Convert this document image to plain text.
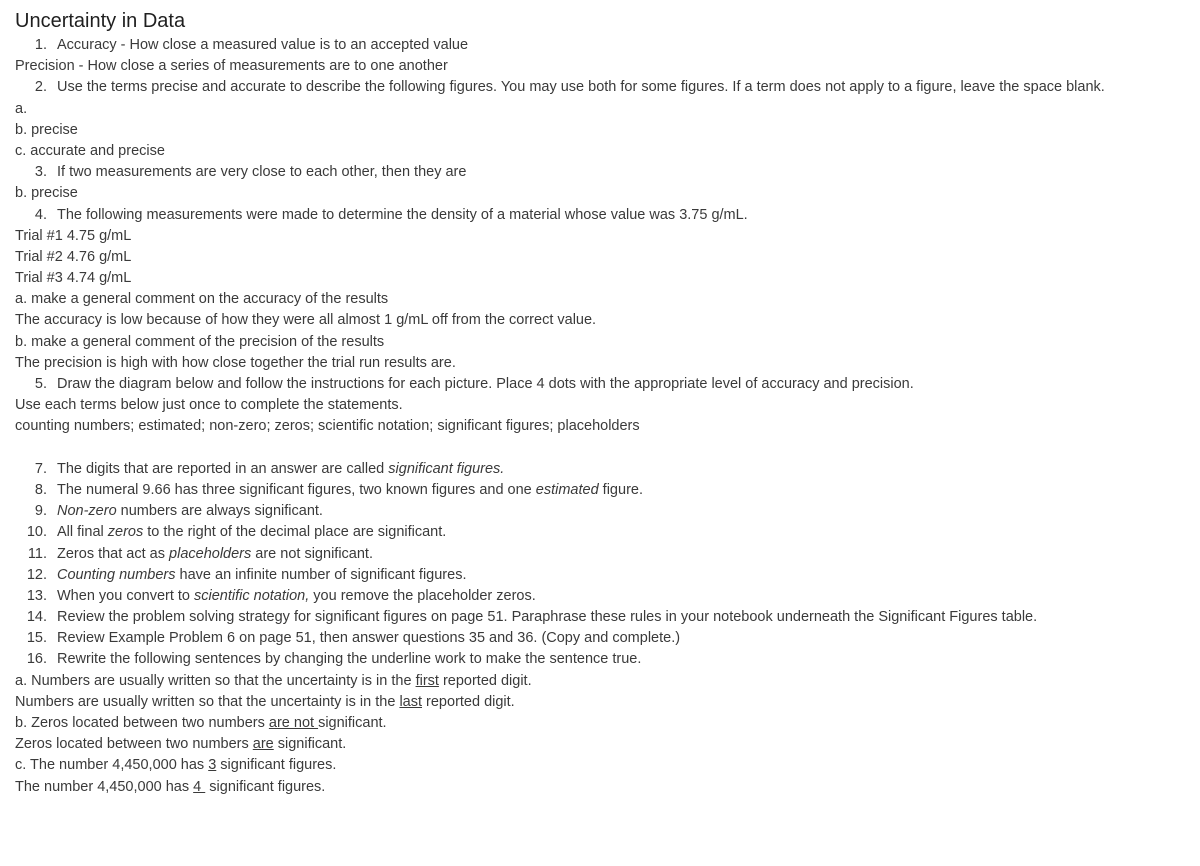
Uncertainty in Data
1. Accuracy - How close a measured value is to an accepted value
Precision - How close a series of measurements are to one another
2. Use the terms precise and accurate to describe the following figures. You may use both for some figures. If a term does not apply to a figure, leave the space blank.
a.
b. precise
c. accurate and precise
3. If two measurements are very close to each other, then they are
b. precise
4. The following measurements were made to determine the density of a material whose value was 3.75 g/mL.
Trial #1 4.75 g/mL
Trial #2 4.76 g/mL
Trial #3 4.74 g/mL
a. make a general comment on the accuracy of the results
The accuracy is low because of how they were all almost 1 g/mL off from the correct value.
b. make a general comment of the precision of the results
The precision is high with how close together the trial run results are.
5. Draw the diagram below and follow the instructions for each picture. Place 4 dots with the appropriate level of accuracy and precision.
Use each terms below just once to complete the statements.
counting numbers; estimated; non-zero; zeros; scientific notation; significant figures; placeholders
7. The digits that are reported in an answer are called significant figures.
8. The numeral 9.66 has three significant figures, two known figures and one estimated figure.
9. Non-zero numbers are always significant.
10. All final zeros to the right of the decimal place are significant.
11. Zeros that act as placeholders are not significant.
12. Counting numbers have an infinite number of significant figures.
13. When you convert to scientific notation, you remove the placeholder zeros.
14. Review the problem solving strategy for significant figures on page 51. Paraphrase these rules in your notebook underneath the Significant Figures table.
15. Review Example Problem 6 on page 51, then answer questions 35 and 36. (Copy and complete.)
16. Rewrite the following sentences by changing the underline work to make the sentence true.
a. Numbers are usually written so that the uncertainty is in the first reported digit.
Numbers are usually written so that the uncertainty is in the last reported digit.
b. Zeros located between two numbers are not significant.
Zeros located between two numbers are significant.
c. The number 4,450,000 has 3 significant figures.
The number 4,450,000 has 4  significant figures.
